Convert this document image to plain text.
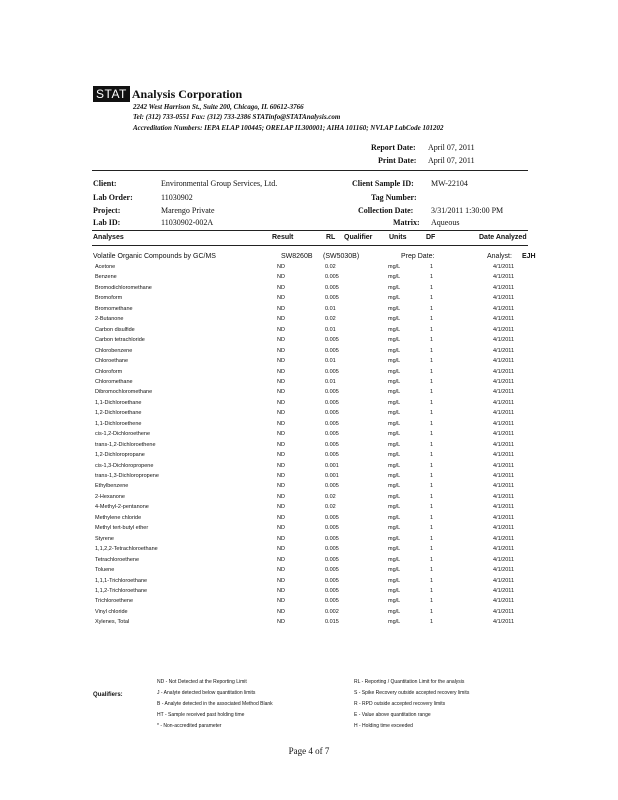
STAT Analysis Corporation
2242 West Harrison St., Suite 200, Chicago, IL 60612-3766
Tel: (312) 733-0551 Fax: (312) 733-2386 STATinfo@STATAnalysis.com
Accreditation Numbers: IEPA ELAP 100445; ORELAP IL300001; AIHA 101160; NVLAP LabCode 101202
Report Date: April 07, 2011
Print Date: April 07, 2011
Client:	Environmental Group Services, Ltd.
Lab Order:	11030902
Project:	Marengo Private
Lab ID:	11030902-002A
Client Sample ID: MW-22104
Tag Number:
Collection Date: 3/31/2011 1:30:00 PM
Matrix: Aqueous
Analyses	Result	RL Qualifier Units	DF	Date Analyzed
Volatile Organic Compounds by GC/MS	SW8260B (SW5030B)	Prep Date:	Analyst: EJH
Acetone	ND	0.02	mg/L	1	4/1/2011
Benzene	ND	0.005	mg/L	1	4/1/2011
Bromodichloromethane	ND	0.005	mg/L	1	4/1/2011
Bromoform	ND	0.005	mg/L	1	4/1/2011
Bromomethane	ND	0.01	mg/L	1	4/1/2011
2-Butanone	ND	0.02	mg/L	1	4/1/2011
Carbon disulfide	ND	0.01	mg/L	1	4/1/2011
Carbon tetrachloride	ND	0.005	mg/L	1	4/1/2011
Chlorobenzene	ND	0.005	mg/L	1	4/1/2011
Chloroethane	ND	0.01	mg/L	1	4/1/2011
Chloroform	ND	0.005	mg/L	1	4/1/2011
Chloromethane	ND	0.01	mg/L	1	4/1/2011
Dibromochloromethane	ND	0.005	mg/L	1	4/1/2011
1,1-Dichloroethane	ND	0.005	mg/L	1	4/1/2011
1,2-Dichloroethane	ND	0.005	mg/L	1	4/1/2011
1,1-Dichloroethene	ND	0.005	mg/L	1	4/1/2011
cis-1,2-Dichloroethene	ND	0.005	mg/L	1	4/1/2011
trans-1,2-Dichloroethene	ND	0.005	mg/L	1	4/1/2011
1,2-Dichloropropane	ND	0.005	mg/L	1	4/1/2011
cis-1,3-Dichloropropene	ND	0.001	mg/L	1	4/1/2011
trans-1,3-Dichloropropene	ND	0.001	mg/L	1	4/1/2011
Ethylbenzene	ND	0.005	mg/L	1	4/1/2011
2-Hexanone	ND	0.02	mg/L	1	4/1/2011
4-Methyl-2-pentanone	ND	0.02	mg/L	1	4/1/2011
Methylene chloride	ND	0.005	mg/L	1	4/1/2011
Methyl tert-butyl ether	ND	0.005	mg/L	1	4/1/2011
Styrene	ND	0.005	mg/L	1	4/1/2011
1,1,2,2-Tetrachloroethane	ND	0.005	mg/L	1	4/1/2011
Tetrachloroethene	ND	0.005	mg/L	1	4/1/2011
Toluene	ND	0.005	mg/L	1	4/1/2011
1,1,1-Trichloroethane	ND	0.005	mg/L	1	4/1/2011
1,1,2-Trichloroethane	ND	0.005	mg/L	1	4/1/2011
Trichloroethene	ND	0.005	mg/L	1	4/1/2011
Vinyl chloride	ND	0.002	mg/L	1	4/1/2011
Xylenes, Total	ND	0.015	mg/L	1	4/1/2011
Qualifiers:
ND - Not Detected at the Reporting Limit
J - Analyte detected below quantitation limits
B - Analyte detected in the associated Method Blank
HT - Sample received past holding time
* - Non-accredited parameter
RL - Reporting / Quantitation Limit for the analysis
S - Spike Recovery outside accepted recovery limits
R - RPD outside accepted recovery limits
E - Value above quantitation range
H - Holding time exceeded
Page 4 of 7
